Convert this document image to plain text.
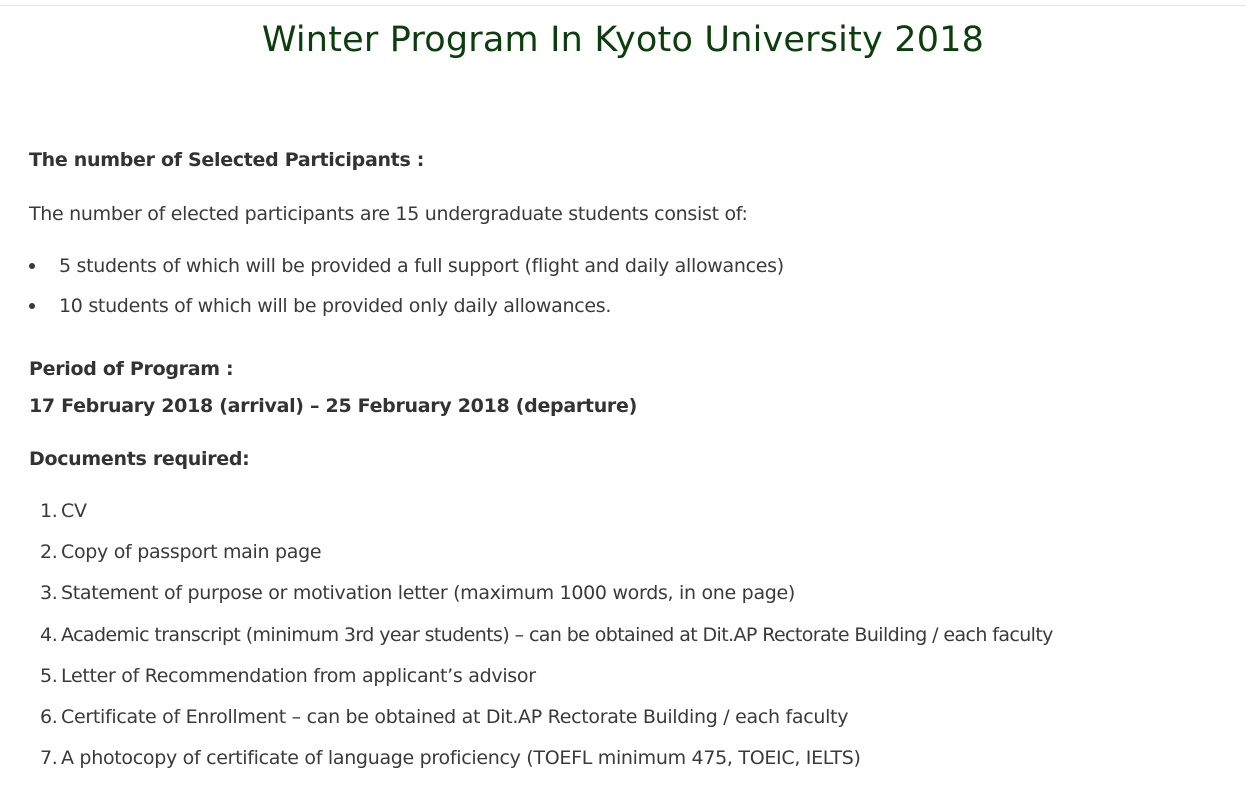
Winter Program In Kyoto University 2018
The number of Selected Participants :
The number of elected participants are 15 undergraduate students consist of:
5 students of which will be provided a full support (flight and daily allowances)
10 students of which will be provided only daily allowances.
Period of Program :
17 February 2018 (arrival) – 25 February 2018 (departure)
Documents required:
1. CV
2. Copy of passport main page
3. Statement of purpose or motivation letter (maximum 1000 words, in one page)
4. Academic transcript (minimum 3rd year students) – can be obtained at Dit.AP Rectorate Building / each faculty
5. Letter of Recommendation from applicant’s advisor
6. Certificate of Enrollment – can be obtained at Dit.AP Rectorate Building / each faculty
7. A photocopy of certificate of language proficiency (TOEFL minimum 475, TOEIC, IELTS)
